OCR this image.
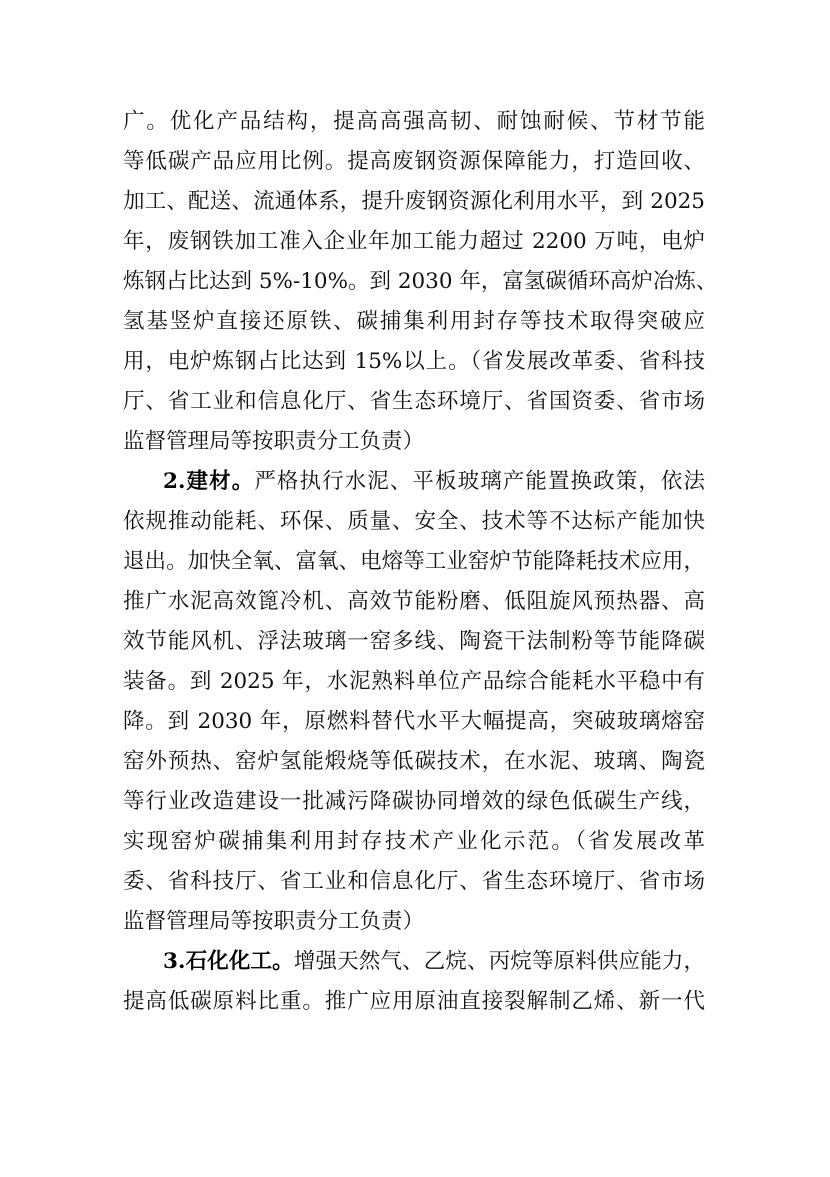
广。优化产品结构，提高高强高韧、耐蚀耐候、节材节能
等低碳产品应用比例。提高废钢资源保障能力，打造回收、
加工、配送、流通体系，提升废钢资源化利用水平，到 2025
年，废钢铁加工准入企业年加工能力超过 2200 万吨，电炉
炼钢占比达到 5%-10%。到 2030 年，富氢碳循环高炉冶炼、
氢基竖炉直接还原铁、碳捕集利用封存等技术取得突破应
用，电炉炼钢占比达到 15%以上。（省发展改革委、省科技
厅、省工业和信息化厅、省生态环境厅、省国资委、省市场
监督管理局等按职责分工负责）
2.建材。严格执行水泥、平板玻璃产能置换政策，依法
依规推动能耗、环保、质量、安全、技术等不达标产能加快
退出。加快全氧、富氧、电熔等工业窑炉节能降耗技术应用，
推广水泥高效篦冷机、高效节能粉磨、低阻旋风预热器、高
效节能风机、浮法玻璃一窑多线、陶瓷干法制粉等节能降碳
装备。到 2025 年，水泥熟料单位产品综合能耗水平稳中有
降。到 2030 年，原燃料替代水平大幅提高，突破玻璃熔窑
窑外预热、窑炉氢能煅烧等低碳技术，在水泥、玻璃、陶瓷
等行业改造建设一批减污降碳协同增效的绿色低碳生产线，
实现窑炉碳捕集利用封存技术产业化示范。（省发展改革
委、省科技厅、省工业和信息化厅、省生态环境厅、省市场
监督管理局等按职责分工负责）
3.石化化工。增强天然气、乙烷、丙烷等原料供应能力，
提高低碳原料比重。推广应用原油直接裂解制乙烯、新一代
